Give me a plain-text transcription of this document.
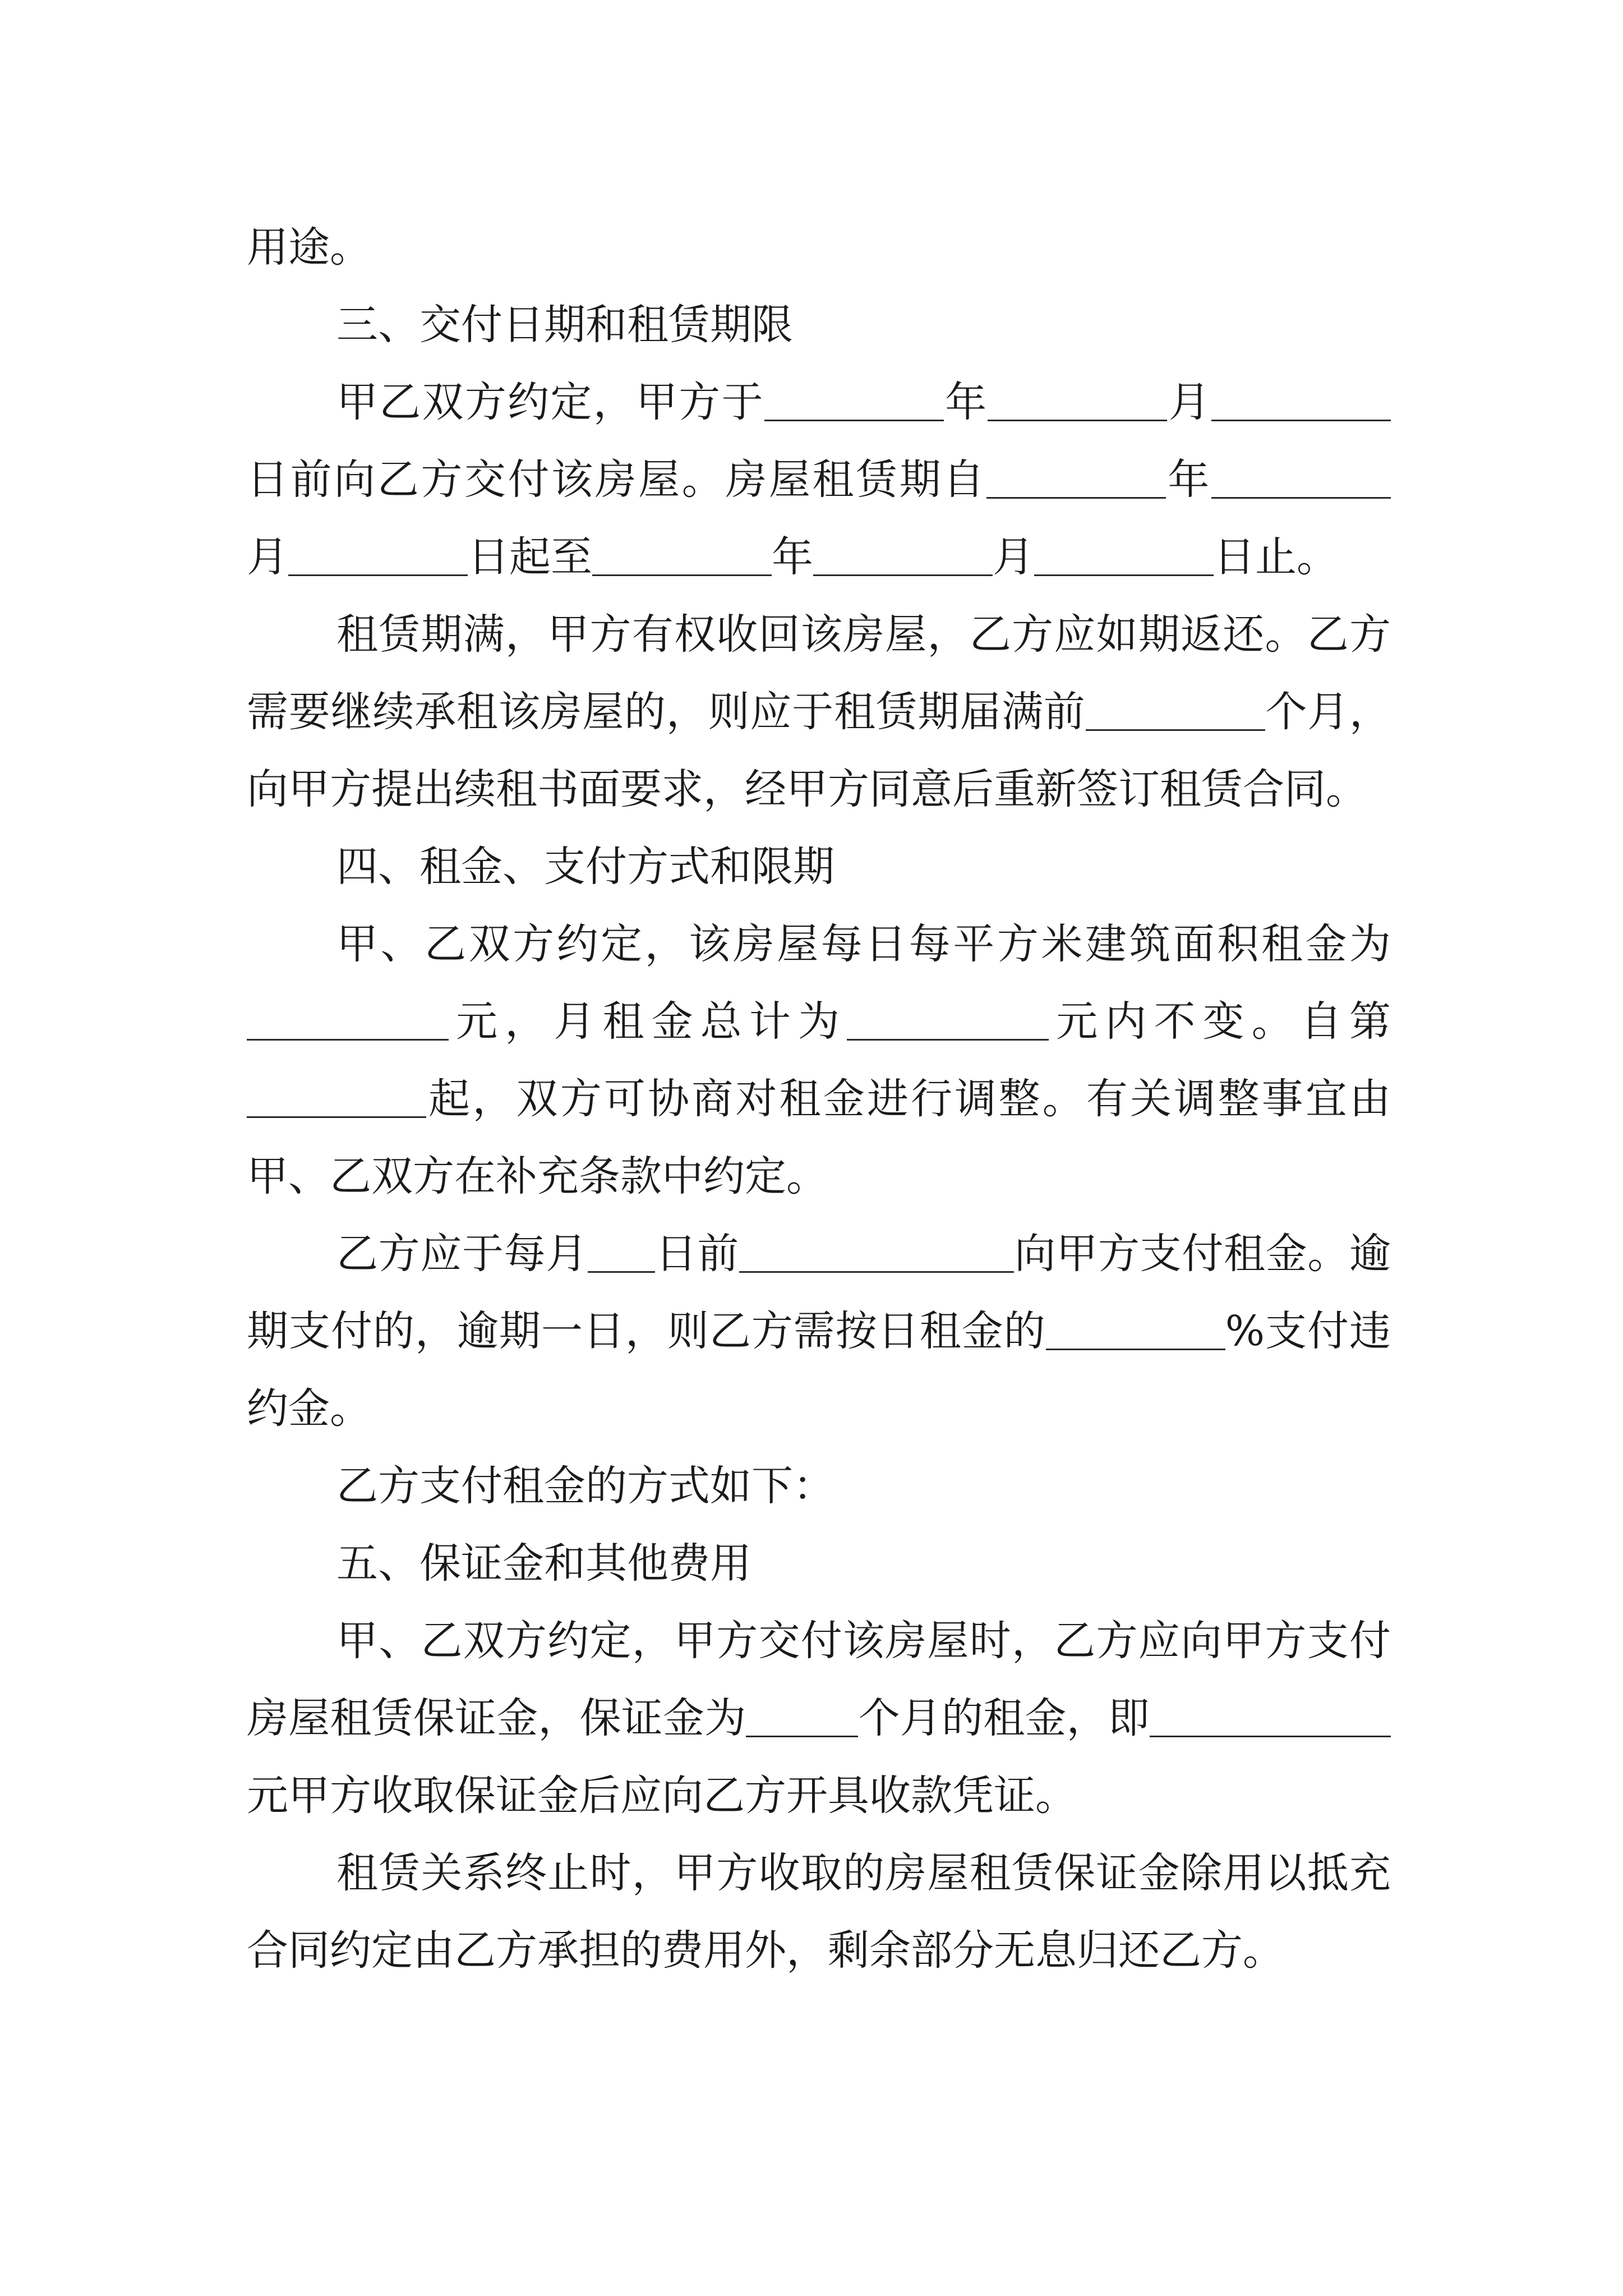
用途。

三、交付日期和租赁期限

甲乙双方约定，甲方于	年	月日前向乙方交付该房屋。房屋租赁期自	年月	日起至	年	月	日止。

租赁期满，甲方有权收回该房屋，乙方应如期返还。乙方需要继续承租该房屋的，则应于租赁期届满前	个月，向甲方提出续租书面要求，经甲方同意后重新签订租赁合同。

四、租金、支付方式和限期

甲、乙双方约定，该房屋每日每平方米建筑面积租金为元，月租金总计为	元内不变。自第起，双方可协商对租金进行调整。有关调整事宜由甲、乙双方在补充条款中约定。

乙方应于每月 日前	向甲方支付租金。逾期支付的，逾期一日，则乙方需按日租金的	%支付违约金。

乙方支付租金的方式如下：

五、保证金和其他费用

甲、乙双方约定，甲方交付该房屋时，乙方应向甲方支付房屋租赁保证金，保证金为	个月的租金，即元甲方收取保证金后应向乙方开具收款凭证。

租赁关系终止时，甲方收取的房屋租赁保证金除用以抵充合同约定由乙方承担的费用外，剩余部分无息归还乙方。
